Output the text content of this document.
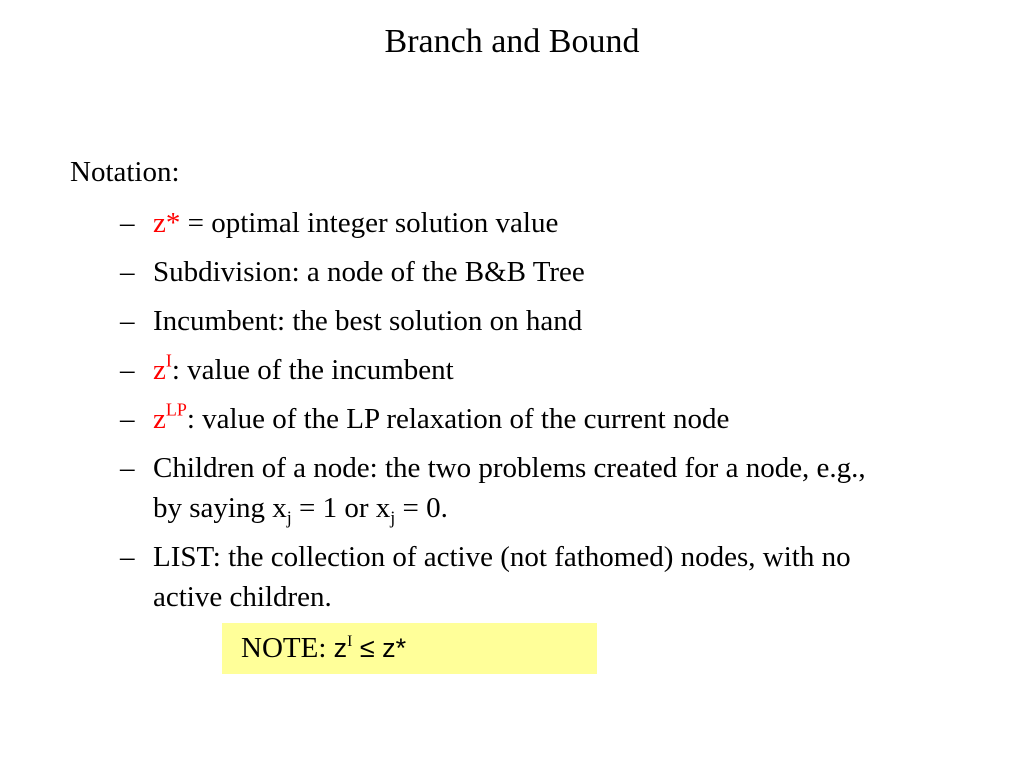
Branch and Bound
Notation:
– z* = optimal integer solution value
– Subdivision: a node of the B&B Tree
– Incumbent: the best solution on hand
– $z^I$: value of the incumbent
– $z^{LP}$: value of the LP relaxation of the current node
– Children of a node: the two problems created for a node, e.g., by saying $x_j = 1$ or $x_j = 0$.
– LIST: the collection of active (not fathomed) nodes, with no active children.
NOTE: $z^I \le z*$
